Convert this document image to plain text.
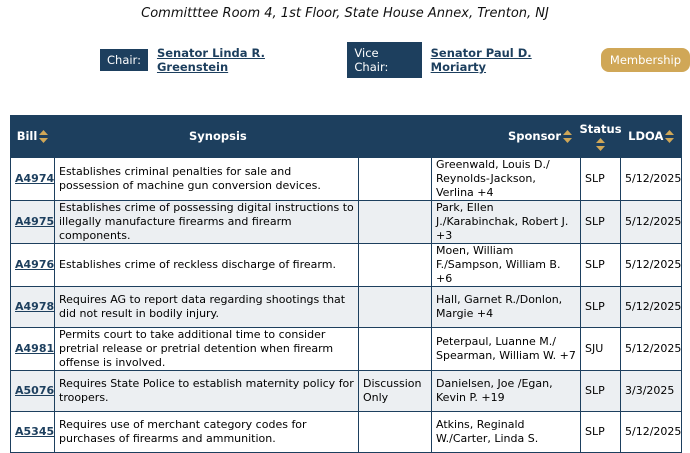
Committtee Room 4, 1st Floor, State House Annex, Trenton, NJ
Chair:	Senator Linda R. Greenstein
Vice Chair:
Senator Paul D. Moriarty	Membership
Bill	Synopsis		Sponsor	Status	LDOA

A4974	Establishes criminal penalties for sale and possession of machine gun conversion devices.		Greenwald, Louis D./ Reynolds-Jackson, Verlina +4	SLP	5/12/2025
A4975	Establishes crime of possessing digital instructions to illegally manufacture firearms and firearm components.		Park, Ellen J./Karabinchak, Robert J. +3	SLP	5/12/2025
A4976	Establishes crime of reckless discharge of firearm.		Moen, William F./Sampson, William B. +6	SLP	5/12/2025
A4978	Requires AG to report data regarding shootings that did not result in bodily injury.		Hall, Garnet R./Donlon, Margie +4	SLP	5/12/2025
A4981	Permits court to take additional time to consider pretrial release or pretrial detention when firearm offense is involved.		Peterpaul, Luanne M./ Spearman, William W. +7	SJU	5/12/2025
A5076	Requires State Police to establish maternity policy for troopers.	Discussion Only	Danielsen, Joe /Egan, Kevin P. +19	SLP	3/3/2025
A5345	Requires use of merchant category codes for purchases of firearms and ammunition.		Atkins, Reginald W./Carter, Linda S.	SLP	5/12/2025
